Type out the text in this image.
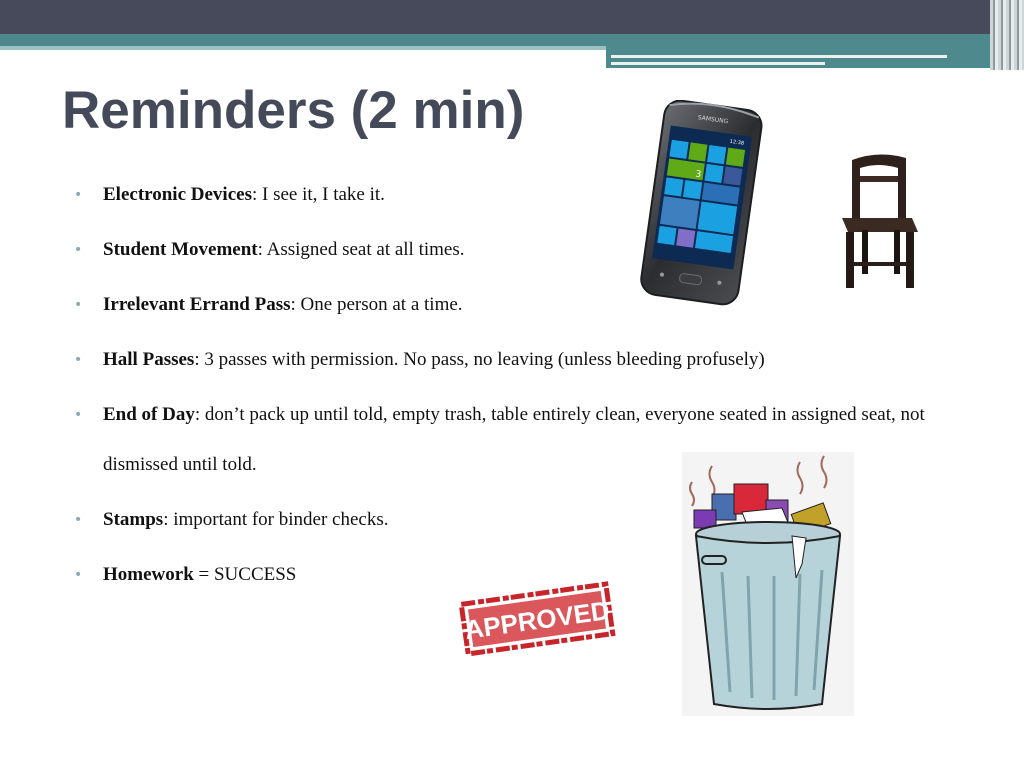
Reminders (2 min)
• Electronic Devices: I see it, I take it.
• Student Movement: Assigned seat at all times.
• Irrelevant Errand Pass: One person at a time.
• Hall Passes: 3 passes with permission. No pass, no leaving (unless bleeding profusely)
• End of Day: don’t pack up until told, empty trash, table entirely clean, everyone seated in assigned seat, not dismissed until told.
• Stamps: important for binder checks.
• Homework = SUCCESS
SAMSUNG
12:38
3
APPROVED
